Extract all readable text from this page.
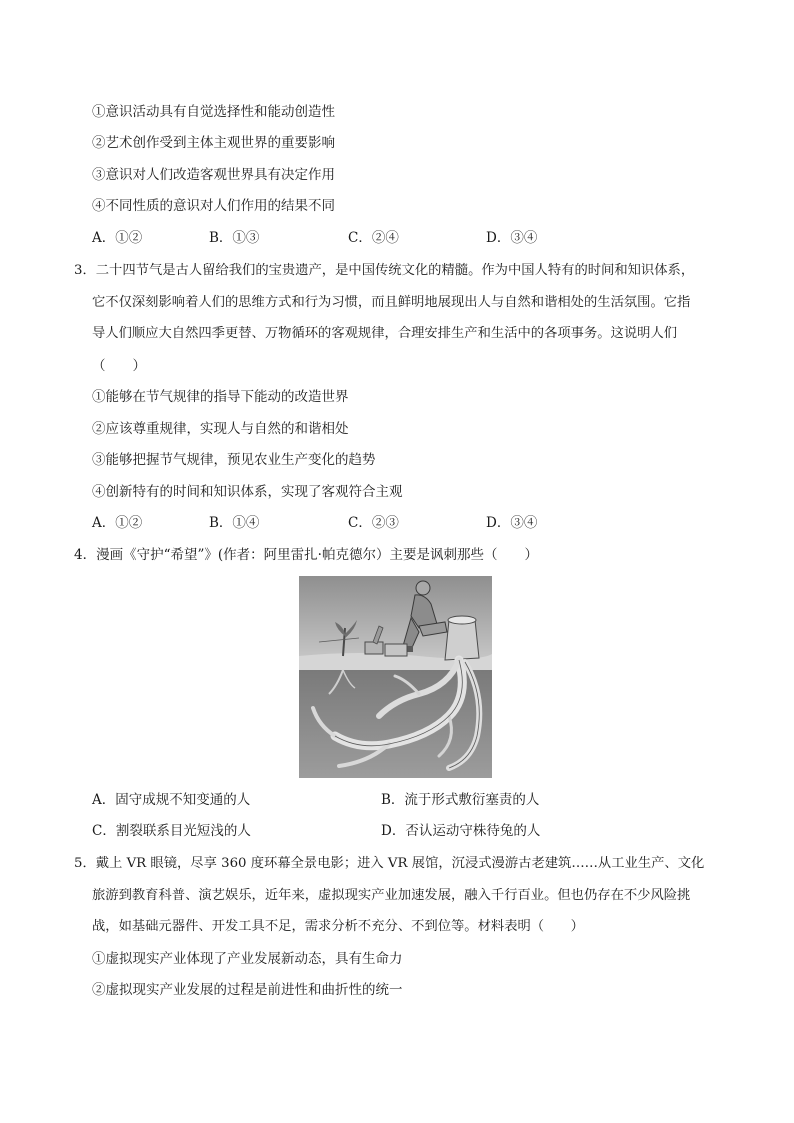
①意识活动具有自觉选择性和能动创造性
②艺术创作受到主体主观世界的重要影响
③意识对人们改造客观世界具有决定作用
④不同性质的意识对人们作用的结果不同
A．①②	B．①③	C．②④	D．③④
3．二十四节气是古人留给我们的宝贵遗产，是中国传统文化的精髓。作为中国人特有的时间和知识体系，
它不仅深刻影响着人们的思维方式和行为习惯，而且鲜明地展现出人与自然和谐相处的生活氛围。它指
导人们顺应大自然四季更替、万物循环的客观规律，合理安排生产和生活中的各项事务。这说明人们
（　　）
①能够在节气规律的指导下能动的改造世界
②应该尊重规律，实现人与自然的和谐相处
③能够把握节气规律，预见农业生产变化的趋势
④创新特有的时间和知识体系，实现了客观符合主观
A．①②	B．①④	C．②③	D．③④
4．漫画《守护“希望”》(作者：阿里雷扎·帕克德尔）主要是讽刺那些（　　）
A．固守成规不知变通的人	B．流于形式敷衍塞责的人
C．割裂联系目光短浅的人	D．否认运动守株待兔的人
5．戴上 VR 眼镜，尽享 360 度环幕全景电影；进入 VR 展馆，沉浸式漫游古老建筑……从工业生产、文化
旅游到教育科普、演艺娱乐，近年来，虚拟现实产业加速发展，融入千行百业。但也仍存在不少风险挑
战，如基础元器件、开发工具不足，需求分析不充分、不到位等。材料表明（　　）
①虚拟现实产业体现了产业发展新动态，具有生命力
②虚拟现实产业发展的过程是前进性和曲折性的统一
